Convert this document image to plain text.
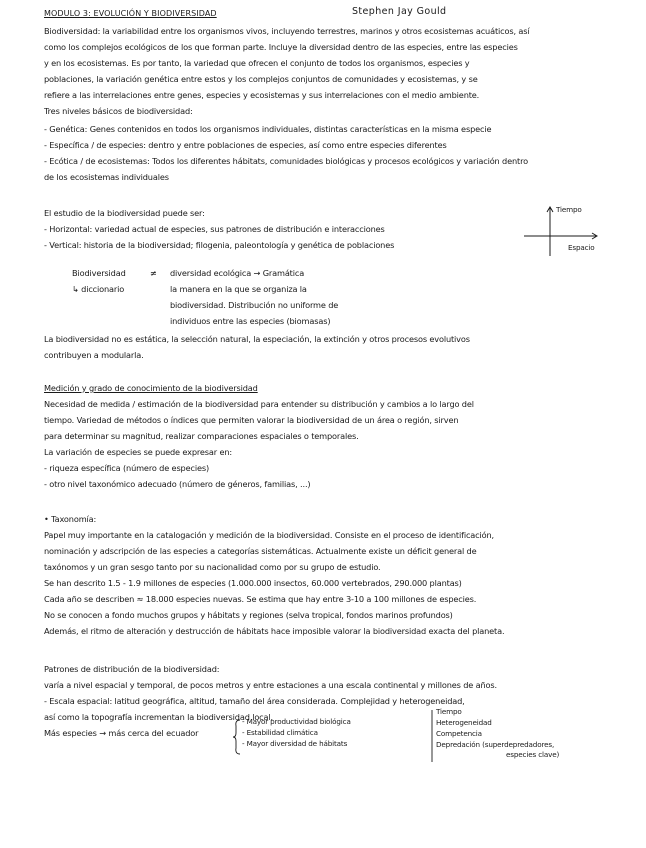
MODULO 3: EVOLUCIÓN Y BIODIVERSIDAD	Stephen Jay Gould
Biodiversidad: la variabilidad entre los organismos vivos, incluyendo terrestres, marinos y otros ecosistemas acuáticos, así
como los complejos ecológicos de los que forman parte. Incluye la diversidad dentro de las especies, entre las especies
y en los ecosistemas. Es por tanto, la variedad que ofrecen el conjunto de todos los organismos, especies y
poblaciones, la variación genética entre estos y los complejos conjuntos de comunidades y ecosistemas, y se
refiere a las interrelaciones entre genes, especies y ecosistemas y sus interrelaciones con el medio ambiente.
Tres niveles básicos de biodiversidad:
- Genética: Genes contenidos en todos los organismos individuales, distintas características en la misma especie
- Específica / de especies: dentro y entre poblaciones de especies, así como entre especies diferentes
- Ecótica / de ecosistemas: Todos los diferentes hábitats, comunidades biológicas y procesos ecológicos y variación dentro
de los ecosistemas individuales
El estudio de la biodiversidad puede ser:
- Horizontal: variedad actual de especies, sus patrones de distribución e interacciones
- Vertical: historia de la biodiversidad; filogenia, paleontología y genética de poblaciones
Tiempo
Espacio
Biodiversidad	≠ diversidad ecológica → Gramática
↳ diccionario	la manera en la que se organiza la
biodiversidad. Distribución no uniforme de
individuos entre las especies (biomasas)
La biodiversidad no es estática, la selección natural, la especiación, la extinción y otros procesos evolutivos
contribuyen a modularla.
Medición y grado de conocimiento de la biodiversidad
Necesidad de medida / estimación de la biodiversidad para entender su distribución y cambios a lo largo del
tiempo. Variedad de métodos o índices que permiten valorar la biodiversidad de un área o región, sirven
para determinar su magnitud, realizar comparaciones espaciales o temporales.
La variación de especies se puede expresar en:
- riqueza específica (número de especies)
- otro nivel taxonómico adecuado (número de géneros, familias, ...)
• Taxonomía:
Papel muy importante en la catalogación y medición de la biodiversidad. Consiste en el proceso de identificación,
nominación y adscripción de las especies a categorías sistemáticas. Actualmente existe un déficit general de
taxónomos y un gran sesgo tanto por su nacionalidad como por su grupo de estudio.
Se han descrito 1.5 - 1.9 millones de especies (1.000.000 insectos, 60.000 vertebrados, 290.000 plantas)
Cada año se describen ≈ 18.000 especies nuevas. Se estima que hay entre 3-10 a 100 millones de especies.
No se conocen a fondo muchos grupos y hábitats y regiones (selva tropical, fondos marinos profundos)
Además, el ritmo de alteración y destrucción de hábitats hace imposible valorar la biodiversidad exacta del planeta.
Patrones de distribución de la biodiversidad:
varía a nivel espacial y temporal, de pocos metros y entre estaciones a una escala continental y millones de años.
- Escala espacial: latitud geográfica, altitud, tamaño del área considerada. Complejidad y heterogeneidad,
así como la topografía incrementan la biodiversidad local.
Más especies → más cerca del ecuador
- Mayor productividad biológica
- Estabilidad climática
- Mayor diversidad de hábitats
Tiempo
Heterogeneidad
Competencia
Depredación (superdepredadores,
especies clave)
